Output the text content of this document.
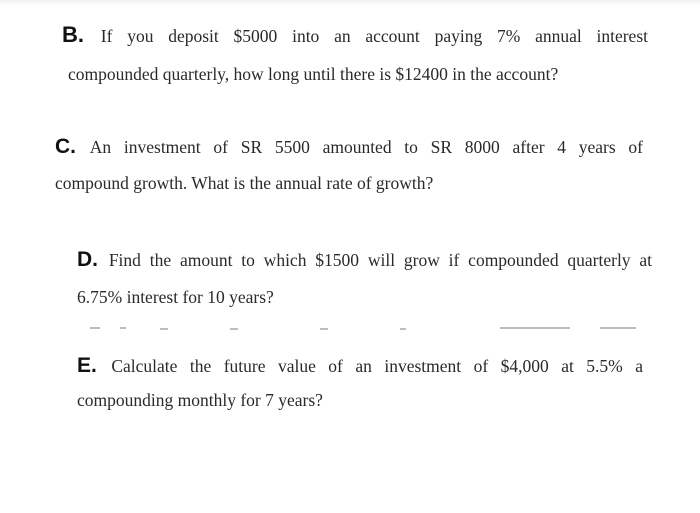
B. If you deposit $5000 into an account paying 7% annual interest
compounded quarterly, how long until there is $12400 in the account?
C. An investment of SR 5500 amounted to SR 8000 after 4 years of
compound growth. What is the annual rate of growth?
D. Find the amount to which $1500 will grow if compounded quarterly at
6.75% interest for 10 years?
E. Calculate the future value of an investment of $4,000 at 5.5% a
compounding monthly for 7 years?
